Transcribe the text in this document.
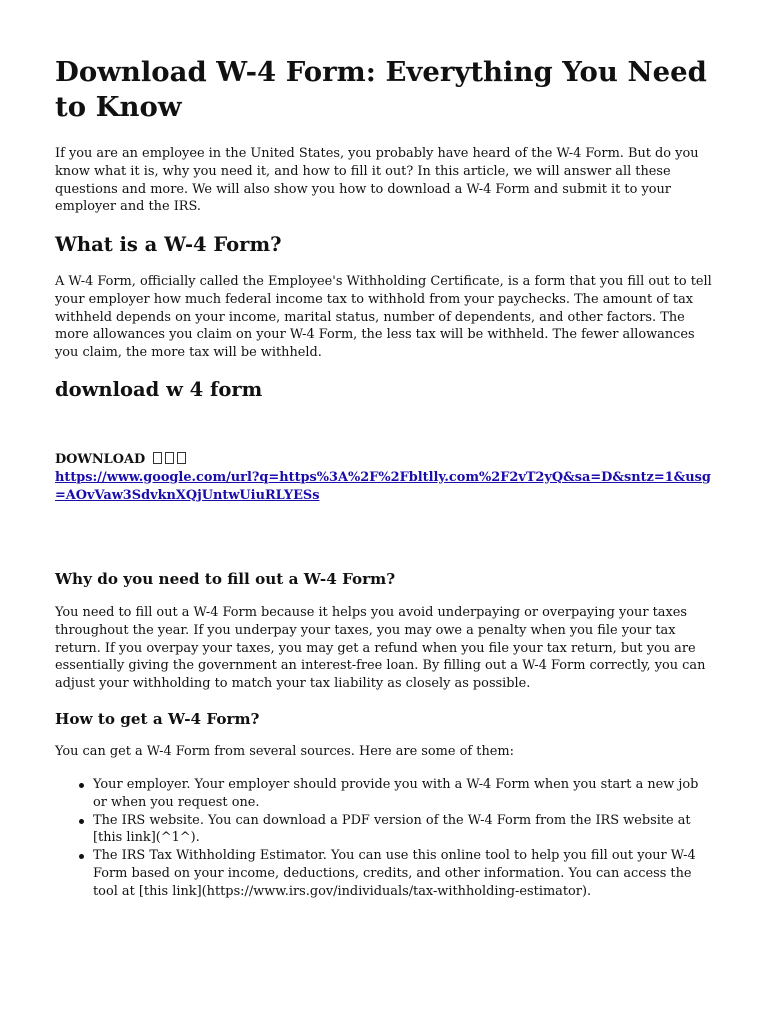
Download W-4 Form: Everything You Need to Know

If you are an employee in the United States, you probably have heard of the W-4 Form. But do you know what it is, why you need it, and how to fill it out? In this article, we will answer all these questions and more. We will also show you how to download a W-4 Form and submit it to your employer and the IRS.

What is a W-4 Form?

A W-4 Form, officially called the Employee's Withholding Certificate, is a form that you fill out to tell your employer how much federal income tax to withhold from your paychecks. The amount of tax withheld depends on your income, marital status, number of dependents, and other factors. The more allowances you claim on your W-4 Form, the less tax will be withheld. The fewer allowances you claim, the more tax will be withheld.

download w 4 form
DOWNLOAD
https://www.google.com/url?q=https%3A%2F%2Fbltlly.com%2F2vT2yQ&sa=D&sntz=1&usg=AOvVaw3SdvknXQjUntwUiuRLYESs
Why do you need to fill out a W-4 Form?

You need to fill out a W-4 Form because it helps you avoid underpaying or overpaying your taxes throughout the year. If you underpay your taxes, you may owe a penalty when you file your tax return. If you overpay your taxes, you may get a refund when you file your tax return, but you are essentially giving the government an interest-free loan. By filling out a W-4 Form correctly, you can adjust your withholding to match your tax liability as closely as possible.

How to get a W-4 Form?

You can get a W-4 Form from several sources. Here are some of them:

Your employer. Your employer should provide you with a W-4 Form when you start a new job or when you request one.
The IRS website. You can download a PDF version of the W-4 Form from the IRS website at [this link](^1^).
The IRS Tax Withholding Estimator. You can use this online tool to help you fill out your W-4 Form based on your income, deductions, credits, and other information. You can access the tool at [this link](https://www.irs.gov/individuals/tax-withholding-estimator).
